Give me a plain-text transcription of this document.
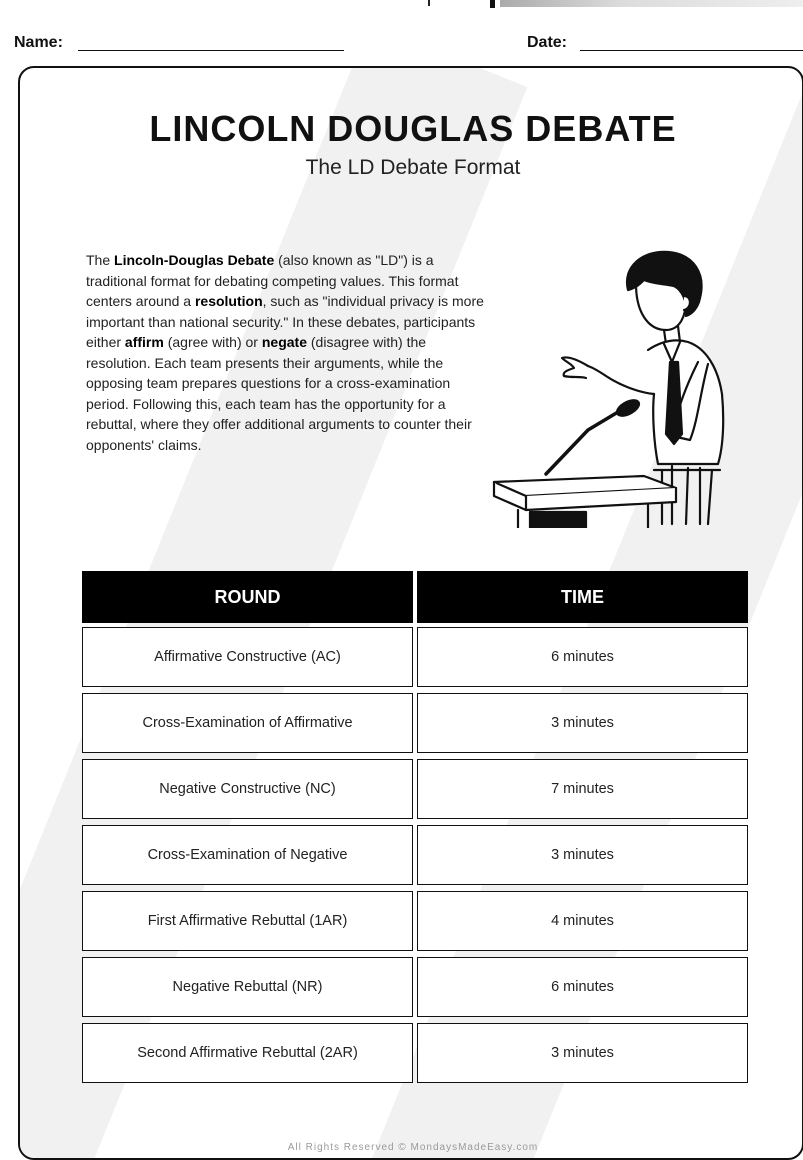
Name:	Date:
LINCOLN DOUGLAS DEBATE
The LD Debate Format

The Lincoln-Douglas Debate (also known as "LD") is a traditional format for debating competing values. This format centers around a resolution, such as "individual privacy is more important than national security." In these debates, participants either affirm (agree with) or negate (disagree with) the resolution. Each team presents their arguments, while the opposing team prepares questions for a cross-examination period. Following this, each team has the opportunity for a rebuttal, where they offer additional arguments to counter their opponents' claims.

ROUND	TIME
Affirmative Constructive (AC)	6 minutes
Cross-Examination of Affirmative	3 minutes
Negative Constructive (NC)	7 minutes
Cross-Examination of Negative	3 minutes
First Affirmative Rebuttal (1AR)	4 minutes
Negative Rebuttal (NR)	6 minutes
Second Affirmative Rebuttal (2AR)	3 minutes
All Rights Reserved © MondaysMadeEasy.com
